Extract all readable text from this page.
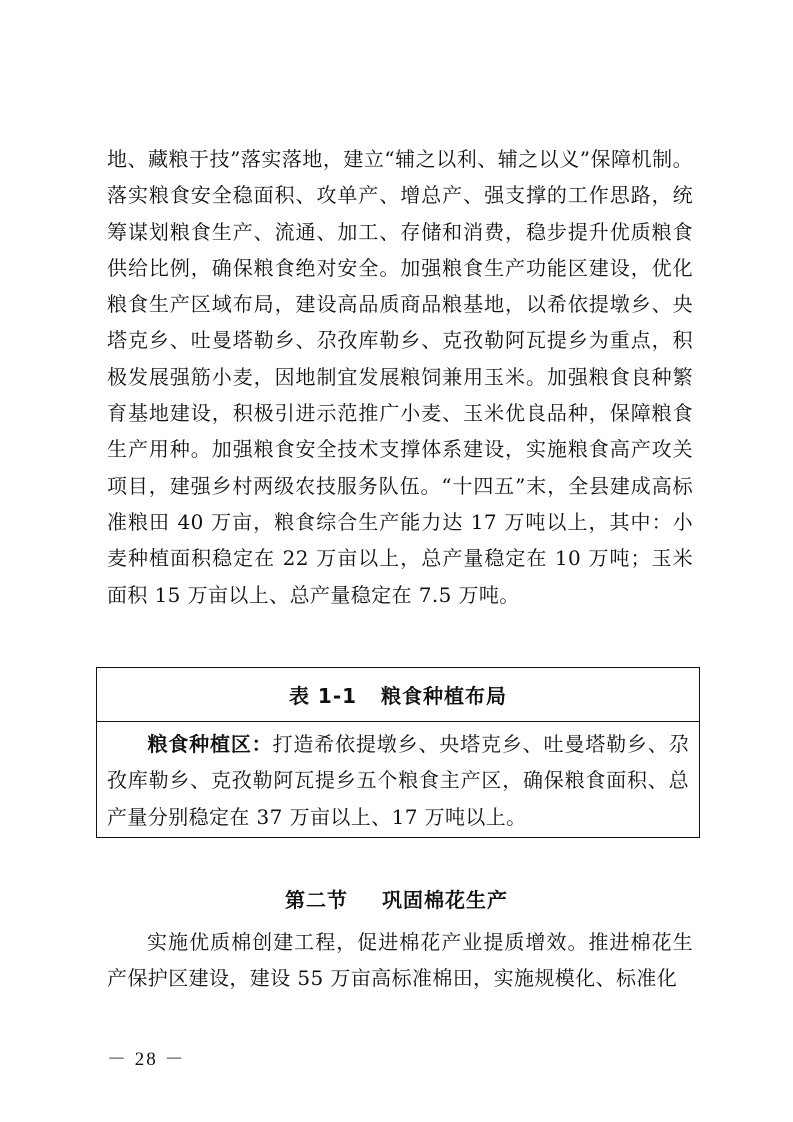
地、藏粮于技”落实落地，建立“辅之以利、辅之以义”保障机制。落实粮食安全稳面积、攻单产、增总产、强支撑的工作思路，统筹谋划粮食生产、流通、加工、存储和消费，稳步提升优质粮食供给比例，确保粮食绝对安全。加强粮食生产功能区建设，优化粮食生产区域布局，建设高品质商品粮基地，以希依提墩乡、央塔克乡、吐曼塔勒乡、尕孜库勒乡、克孜勒阿瓦提乡为重点，积极发展强筋小麦，因地制宜发展粮饲兼用玉米。加强粮食良种繁育基地建设，积极引进示范推广小麦、玉米优良品种，保障粮食生产用种。加强粮食安全技术支撑体系建设，实施粮食高产攻关项目，建强乡村两级农技服务队伍。“十四五”末，全县建成高标准粮田 40 万亩，粮食综合生产能力达 17 万吨以上，其中：小麦种植面积稳定在 22 万亩以上，总产量稳定在 10 万吨；玉米面积 15 万亩以上、总产量稳定在 7.5 万吨。

表 1-1 粮食种植布局
粮食种植区：打造希依提墩乡、央塔克乡、吐曼塔勒乡、尕孜库勒乡、克孜勒阿瓦提乡五个粮食主产区，确保粮食面积、总产量分别稳定在 37 万亩以上、17 万吨以上。
第二节 巩固棉花生产

实施优质棉创建工程，促进棉花产业提质增效。推进棉花生产保护区建设，建设 55 万亩高标准棉田，实施规模化、标准化

－ 28 －
